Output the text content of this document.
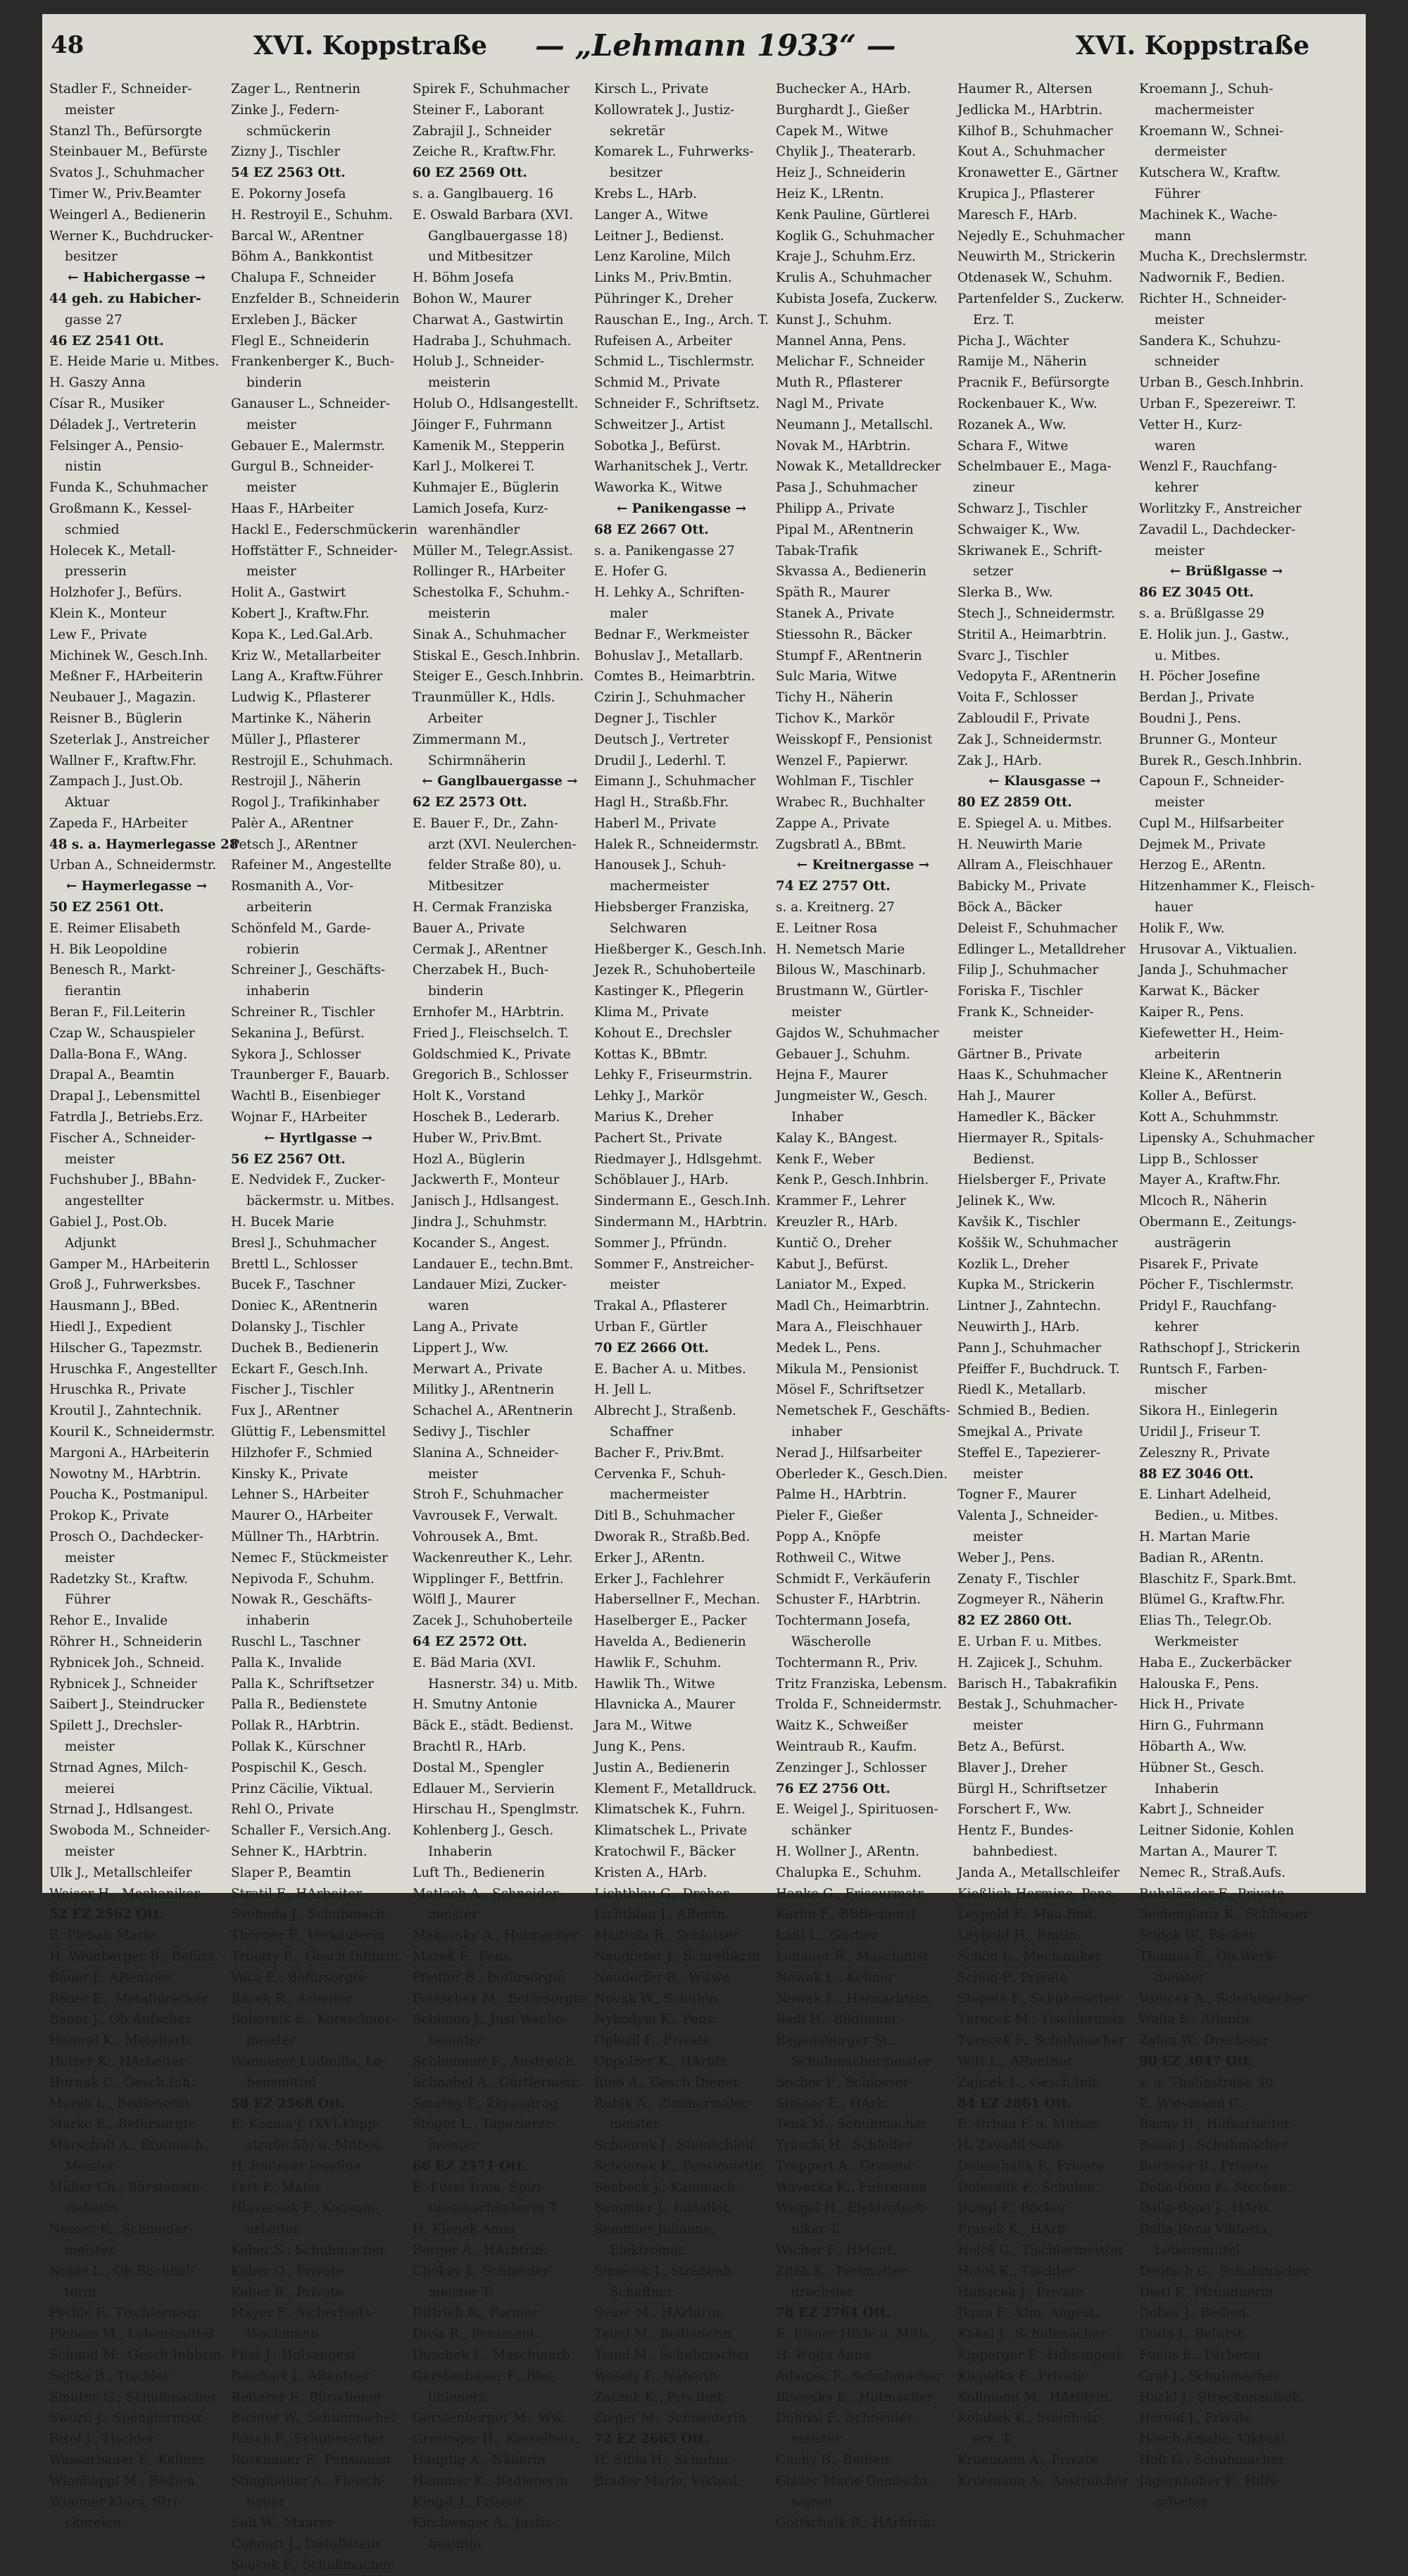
48	XVI. Koppstraße — „Lehmann 1933“ —	XVI. Koppstraße
Stadler F., Schneider-
meister
Stanzl Th., Befürsorgte
Steinbauer M., Befürste
Svatos J., Schuhmacher
Timer W., Priv.Beamter
Weingerl A., Bedienerin
Werner K., Buchdrucker-
besitzer
← Habichergasse →
44 geh. zu Habicher-
gasse 27
46 EZ 2541 Ott.
E. Heide Marie u. Mitbes.
H. Gaszy Anna
Císar R., Musiker
Déladek J., Vertreterin
Felsinger A., Pensio-
nistin
Funda K., Schuhmacher
Großmann K., Kessel-
schmied
Holecek K., Metall-
presserin
Holzhofer J., Befürs.
Klein K., Monteur
Lew F., Private
Michinek W., Gesch.Inh.
Meßner F., HArbeiterin
Neubauer J., Magazin.
Reisner B., Büglerin
Szeterlak J., Anstreicher
Wallner F., Kraftw.Fhr.
Zampach J., Just.Ob.
Aktuar
Zapeda F., HArbeiter
48 s. a. Haymerlegasse 28
Urban A., Schneidermstr.
← Haymerlegasse →
50 EZ 2561 Ott.
E. Reimer Elisabeth
H. Bik Leopoldine
Benesch R., Markt-
fierantin
Beran F., Fil.Leiterin
Czap W., Schauspieler
Dalla-Bona F., WAng.
Drapal A., Beamtin
Drapal J., Lebensmittel
Fatrdla J., Betriebs.Erz.
Fischer A., Schneider-
meister
Fuchshuber J., BBahn-
angestellter
Gabiel J., Post.Ob.
Adjunkt
Gamper M., HArbeiterin
Groß J., Fuhrwerksbes.
Hausmann J., BBed.
Hiedl J., Expedient
Hilscher G., Tapezmstr.
Hruschka F., Angestellter
Hruschka R., Private
Kroutil J., Zahntechnik.
Kouril K., Schneidermstr.
Margoni A., HArbeiterin
Nowotny M., HArbtrin.
Poucha K., Postmanipul.
Prokop K., Private
Prosch O., Dachdecker-
meister
Radetzky St., Kraftw.
Führer
Rehor E., Invalide
Röhrer H., Schneiderin
Rybnicek Joh., Schneid.
Rybnicek J., Schneider
Saibert J., Steindrucker
Spilett J., Drechsler-
meister
Strnad Agnes, Milch-
meierei
Strnad J., Hdlsangest.
Swoboda M., Schneider-
meister
Ulk J., Metallschleifer
Weiser H., Mechaniker
52 EZ 2562 Ott.
E. Pleban Marie
H. Weinberger B., Befürs.
Bäuer J., ARentner
Bäuer E., Metalldrecker
Bauer J., Ob.Aufseher
Hamral K., Metallarb.
Holzer K., HArbeiter
Hornak C., Gesch.Inh.
Marek L., Bedienerin
Marko E., Befürsorgte
Marschall A., Etuimach.
Meister
Müller Ch., Bürstenein-
zieherin
Nemec K., Schneider-
meister
Nolde L., Ob.Buchhal-
terin
Pschle F., Tischlermstr.
Plebam M., Lebensmittel
Schmid M., Gesch.Inhbrin.
Sejtka B., Tischler
Smutny G., Schuhmacher
Swozil J., Spenglermstr.
Bisel J., Tischler
Wasserbauer F., Kellner
Wienhappl M., Bedien.
Wimmer Klara, Stri-
ckereien
Zager L., Rentnerin
Zinke J., Federn-
schmückerin
Zizny J., Tischler
54 EZ 2563 Ott.
E. Pokorny Josefa
H. Restroyil E., Schuhm.
Barcal W., ARentner
Böhm A., Bankkontist
Chalupa F., Schneider
Enzfelder B., Schneiderin
Erxleben J., Bäcker
Flegl E., Schneiderin
Frankenberger K., Buch-
binderin
Ganauser L., Schneider-
meister
Gebauer E., Malermstr.
Gurgul B., Schneider-
meister
Haas F., HArbeiter
Hackl E., Federschmückerin
Hoffstätter F., Schneider-
meister
Holit A., Gastwirt
Kobert J., Kraftw.Fhr.
Kopa K., Led.Gal.Arb.
Kriz W., Metallarbeiter
Lang A., Kraftw.Führer
Ludwig K., Pflasterer
Martinke K., Näherin
Müller J., Pflasterer
Restrojil E., Schuhmach.
Restrojil J., Näherin
Rogol J., Trafikinhaber
Palèr A., ARentner
Petsch J., ARentner
Rafeiner M., Angestellte
Rosmanith A., Vor-
arbeiterin
Schönfeld M., Garde-
robierin
Schreiner J., Geschäfts-
inhaberin
Schreiner R., Tischler
Sekanina J., Befürst.
Sykora J., Schlosser
Traunberger F., Bauarb.
Wachtl B., Eisenbieger
Wojnar F., HArbeiter
← Hyrtlgasse →
56 EZ 2567 Ott.
E. Nedvidek F., Zucker-
bäckermstr. u. Mitbes.
H. Bucek Marie
Bresl J., Schuhmacher
Brettl L., Schlosser
Bucek F., Taschner
Doniec K., ARentnerin
Dolansky J., Tischler
Duchek B., Bedienerin
Eckart F., Gesch.Inh.
Fischer J., Tischler
Fux J., ARentner
Glüttig F., Lebensmittel
Hilzhofer F., Schmied
Kinsky K., Private
Lehner S., HArbeiter
Maurer O., HArbeiter
Müllner Th., HArbtrin.
Nemec F., Stückmeister
Nepivoda F., Schuhm.
Nowak R., Geschäfts-
inhaberin
Ruschl L., Taschner
Palla K., Invalide
Palla K., Schriftsetzer
Palla R., Bedienstete
Pollak R., HArbtrin.
Pollak K., Kürschner
Pospischil K., Gesch.
Prinz Cäcilie, Viktual.
Rehl O., Private
Schaller F., Versich.Ang.
Sehner K., HArbtrin.
Slaper P., Beamtin
Stratil F., HArbeiter
Svoboda J., Schuhmach.
Thörner F., Verkäuferin
Triletty E., Gesch.Inhbrin.
Vaca E., Befürsorgte
Bacek R., Arbeiter
Bohornik E., Korsschner-
meister
Wannerer Ludmilla, Le-
bensmittel
58 EZ 2568 Ott.
E. Koznia J. (XVI.Kopp-
straße 55) u. Mitbes.
H. Reiterer Josefine
Fert F., Maler
Hlavacsek F., Konsum-
arbeiter
Kober S., Schuhmacher
Kober O., Private
Kober R., Private
Mayer F., Sicherheits-
Wachmann
Pilat J., Hdlsangest.
Reichart J., ARentner
Reiterer F., Bürodiener
Richter W., Schuhmacher
Rösch F., Schuhmacher
Rosenauer F., Pensionist
Stinglbauer A., Fleisch-
hauer
Suh W., Maurer
Connert J., Installateur
Soucek F., Schuhmacher
Spirek F., Schuhmacher
Steiner F., Laborant
Zabrajil J., Schneider
Zeiche R., Kraftw.Fhr.
60 EZ 2569 Ott.
s. a. Ganglbauerg. 16
E. Oswald Barbara (XVI.
Ganglbauergasse 18)
und Mitbesitzer
H. Böhm Josefa
Bohon W., Maurer
Charwat A., Gastwirtin
Hadraba J., Schuhmach.
Holub J., Schneider-
meisterin
Holub O., Hdlsangestellt.
Jöinger F., Fuhrmann
Kamenik M., Stepperin
Karl J., Molkerei T.
Kuhmajer E., Büglerin
Lamich Josefa, Kurz-
warenhändler
Müller M., Telegr.Assist.
Rollinger R., HArbeiter
Schestolka F., Schuhm.-
meisterin
Sinak A., Schuhmacher
Stiskal E., Gesch.Inhbrin.
Steiger E., Gesch.Inhbrin.
Traunmüller K., Hdls.
Arbeiter
Zimmermann M.,
Schirmnäherin
← Ganglbauergasse →
62 EZ 2573 Ott.
E. Bauer F., Dr., Zahn-
arzt (XVI. Neulerchen-
felder Straße 80), u.
Mitbesitzer
H. Cermak Franziska
Bauer A., Private
Cermak J., ARentner
Cherzabek H., Buch-
binderin
Ernhofer M., HArbtrin.
Fried J., Fleischselch. T.
Goldschmied K., Private
Gregorich B., Schlosser
Holt K., Vorstand
Hoschek B., Lederarb.
Huber W., Priv.Bmt.
Hozl A., Büglerin
Jackwerth F., Monteur
Janisch J., Hdlsangest.
Jindra J., Schuhmstr.
Kocander S., Angest.
Landauer E., techn.Bmt.
Landauer Mizi, Zucker-
waren
Lang A., Private
Lippert J., Ww.
Merwart A., Private
Militky J., ARentnerin
Schachel A., ARentnerin
Sedivy J., Tischler
Slanina A., Schneider-
meister
Stroh F., Schuhmacher
Vavrousek F., Verwalt.
Vohrousek A., Bmt.
Wackenreuther K., Lehr.
Wipplinger F., Bettfrin.
Wölfl J., Maurer
Zacek J., Schuhoberteile
64 EZ 2572 Ott.
E. Bäd Maria (XVI.
Hasnerstr. 34) u. Mitb.
H. Smutny Antonie
Bäck E., städt. Bedienst.
Brachtl R., HArb.
Dostal M., Spengler
Edlauer M., Servierin
Hirschau H., Spenglmstr.
Kohlenberg J., Gesch.
Inhaberin
Luft Th., Bedienerin
Matlach A., Schneider-
meister
Makovsky A., Hutmacher
Marek F., Pens.
Pfeiffer B., Befürsorgte
Polaschek M., Befürsorgte
Schimon J., Just.Wache-
beamter
Schlemmer F., Anstreich.
Schnabel A., Gürtlermstr.
Smutny F., Zigaustrag.
Stöger L., Tapezierer-
meister
66 EZ 2571 Ott.
E. Fürst Irma, Spiri-
tuosenschänkerin T.
H. Klenek Anna
Berger A., HArbtrin.
Chokay J., Schneider-
meister T.
Dittrich R., Former
Divis R., Posament.
Duschek F., Maschinarb.
Gerstenbauer F., Blei-
linienerz.
Gerstenberger M., Ww.
Grosinger H., Kesselheiz.
Hauptig A., Näherin
Hammer K., Bedienerin
Kingst J., Friseur
Kirchweger A., Justiz-
beamtin
Kirsch L., Private
Kollowratek J., Justiz-
sekretär
Komarek L., Fuhrwerks-
besitzer
Krebs L., HArb.
Langer A., Witwe
Leitner J., Bedienst.
Lenz Karoline, Milch
Links M., Priv.Bmtin.
Pühringer K., Dreher
Rauschan E., Ing., Arch. T.
Rufeisen A., Arbeiter
Schmid L., Tischlermstr.
Schmid M., Private
Schneider F., Schriftsetz.
Schweitzer J., Artist
Sobotka J., Befürst.
Warhanitschek J., Vertr.
Waworka K., Witwe
← Panikengasse →
68 EZ 2667 Ott.
s. a. Panikengasse 27
E. Hofer G.
H. Lehky A., Schriften-
maler
Bednar F., Werkmeister
Bohuslav J., Metallarb.
Comtes B., Heimarbtrin.
Czirin J., Schuhmacher
Degner J., Tischler
Deutsch J., Vertreter
Drudil J., Lederhl. T.
Eimann J., Schuhmacher
Hagl H., Straßb.Fhr.
Haberl M., Private
Halek R., Schneidermstr.
Hanousek J., Schuh-
machermeister
Hiebsberger Franziska,
Selchwaren
Hießberger K., Gesch.Inh.
Jezek R., Schuhoberteile
Kastinger K., Pflegerin
Klima M., Private
Kohout E., Drechsler
Kottas K., BBmtr.
Lehky F., Friseurmstrin.
Lehky J., Markör
Marius K., Dreher
Pachert St., Private
Riedmayer J., Hdlsgehmt.
Schöblauer J., HArb.
Sindermann E., Gesch.Inh.
Sindermann M., HArbtrin.
Sommer J., Pfründn.
Sommer F., Anstreicher-
meister
Trakal A., Pflasterer
Urban F., Gürtler
70 EZ 2666 Ott.
E. Bacher A. u. Mitbes.
H. Jell L.
Albrecht J., Straßenb.
Schaffner
Bacher F., Priv.Bmt.
Cervenka F., Schuh-
machermeister
Ditl B., Schuhmacher
Dworak R., Straßb.Bed.
Erker J., ARentn.
Erker J., Fachlehrer
Habersellner F., Mechan.
Haselberger E., Packer
Havelda A., Bedienerin
Hawlik F., Schuhm.
Hawlik Th., Witwe
Hlavnicka A., Maurer
Jara M., Witwe
Jung K., Pens.
Justin A., Bedienerin
Klement F., Metalldruck.
Klimatschek K., Fuhrn.
Klimatschek L., Private
Kratochwil F., Bäcker
Kristen A., HArb.
Lichtblau G., Dreher
Lichtblau J., ARentn.
Maittula R., Schlosser
Neudörfer J., Schreibkrin
Neudörfer R., Witwe
Novak W., Schuhm.
Nykodym K., Pens.
Oplezil F., Private
Oppolzer K., HArbtr.
Rieß A., Gesch.Diener
Rubik A., Zimmermaler-
meister
Schourek J., Steinschleif.
Schourek K., Pensionistin
Seebeck J., Kammach.
Semmler J., Installat.
Semmler Julianne,
Elektromat.
Simecek J., Straßenb.
Schaffner
Svarc M., HArbtrin.
Teiml M., Bedienerin
Teiml M., Schuhmacher
Wesely F., Näherin
Zaczek K., Priv.Bmt.
Zieger M., Schneiderin
72 EZ 2665 Ott.
H. Sibla H., Schuhm.
Brader Marie, Viktual.
Buchecker A., HArb.
Burghardt J., Gießer
Capek M., Witwe
Chylik J., Theaterarb.
Heiz J., Schneiderin
Heiz K., LRentn.
Kenk Pauline, Gürtlerei
Koglik G., Schuhmacher
Kraje J., Schuhm.Erz.
Krulis A., Schuhmacher
Kubista Josefa, Zuckerw.
Kunst J., Schuhm.
Mannel Anna, Pens.
Melichar F., Schneider
Muth R., Pflasterer
Nagl M., Private
Neumann J., Metallschl.
Novak M., HArbtrin.
Nowak K., Metalldrecker
Pasa J., Schuhmacher
Philipp A., Private
Pipal M., ARentnerin
Tabak-Trafik
Skvassa A., Bedienerin
Späth R., Maurer
Stanek A., Private
Stiessohn R., Bäcker
Stumpf F., ARentnerin
Sulc Maria, Witwe
Tichy H., Näherin
Tichov K., Markör
Weisskopf F., Pensionist
Wenzel F., Papierwr.
Wohlman F., Tischler
Wrabec R., Buchhalter
Zappe A., Private
Zugsbratl A., BBmt.
← Kreitnergasse →
74 EZ 2757 Ott.
s. a. Kreitnerg. 27
E. Leitner Rosa
H. Nemetsch Marie
Bilous W., Maschinarb.
Brustmann W., Gürtler-
meister
Gajdos W., Schuhmacher
Gebauer J., Schuhm.
Hejna F., Maurer
Jungmeister W., Gesch.
Inhaber
Kalay K., BAngest.
Kenk F., Weber
Kenk P., Gesch.Inhbrin.
Krammer F., Lehrer
Kreuzler R., HArb.
Kuntič O., Dreher
Kabut J., Befürst.
Laniator M., Exped.
Madl Ch., Heimarbtrin.
Mara A., Fleischhauer
Medek L., Pens.
Mikula M., Pensionist
Mösel F., Schriftsetzer
Nemetschek F., Geschäfts-
inhaber
Nerad J., Hilfsarbeiter
Oberleder K., Gesch.Dien.
Palme H., HArbtrin.
Pieler F., Gießer
Popp A., Knöpfe
Rothweil C., Witwe
Schmidt F., Verkäuferin
Schuster F., HArbtrin.
Tochtermann Josefa,
Wäscherolle
Tochtermann R., Priv.
Tritz Franziska, Lebensm.
Trolda F., Schneidermstr.
Waitz K., Schweißer
Weintraub R., Kaufm.
Zenzinger J., Schlosser
76 EZ 2756 Ott.
E. Weigel J., Spirituosen-
schänker
H. Wollner J., ARentn.
Chalupka E., Schuhm.
Hanke G., Friseurmstr.
Karlin F., BBBedienst
Laßl L., Gürtler
Lonauer R., Maschinist
Nowak L., Kellner
Nowak L., Heimarbtrin.
Redl H., Bildhauer
Regensburger St.,
Schuhmachermeister
Sochor F., Schlosser
Steiner E., HArb.
Tenk M., Schuhmacher
Traschl H., Schleifer
Troppert A., Graveur
Waverka K., Fuhrmann
Weigel H., Elektrotech-
niker T.
Wicher F., HMont.
Zitek K., Perlmutter-
drechsler
78 EZ 2764 Ott.
E. Eisner Hilde u. Mitb.
H. Wojta Anna
Adamec F., Schuhmacher
Bisovsky E., Hutmacher
Dohnal F., Schneider-
meister
Cuchy B., Bedien.
Glaser Marie Gemischt-
waren
Gottschalk R., HArbtrin.
Haumer R., Altersen
Jedlicka M., HArbtrin.
Kilhof B., Schuhmacher
Kout A., Schuhmacher
Kronawetter E., Gärtner
Krupica J., Pflasterer
Maresch F., HArb.
Nejedly E., Schuhmacher
Neuwirth M., Strickerin
Otdenasek W., Schuhm.
Partenfelder S., Zuckerw.
Erz. T.
Picha J., Wächter
Ramije M., Näherin
Pracnik F., Befürsorgte
Rockenbauer K., Ww.
Rozanek A., Ww.
Schara F., Witwe
Schelmbauer E., Maga-
zineur
Schwarz J., Tischler
Schwaiger K., Ww.
Skriwanek E., Schrift-
setzer
Slerka B., Ww.
Stech J., Schneidermstr.
Stritil A., Heimarbtrin.
Svarc J., Tischler
Vedopyta F., ARentnerin
Voita F., Schlosser
Zabloudil F., Private
Zak J., Schneidermstr.
Zak J., HArb.
← Klausgasse →
80 EZ 2859 Ott.
E. Spiegel A. u. Mitbes.
H. Neuwirth Marie
Allram A., Fleischhauer
Babicky M., Private
Böck A., Bäcker
Deleist F., Schuhmacher
Edlinger L., Metalldreher
Filip J., Schuhmacher
Foriska F., Tischler
Frank K., Schneider-
meister
Gärtner B., Private
Haas K., Schuhmacher
Hah J., Maurer
Hamedler K., Bäcker
Hiermayer R., Spitals-
Bedienst.
Hielsberger F., Private
Jelinek K., Ww.
Kavšik K., Tischler
Koššik W., Schuhmacher
Kozlik L., Dreher
Kupka M., Strickerin
Lintner J., Zahntechn.
Neuwirth J., HArb.
Pann J., Schuhmacher
Pfeiffer F., Buchdruck. T.
Riedl K., Metallarb.
Schmied B., Bedien.
Smejkal A., Private
Steffel E., Tapezierer-
meister
Togner F., Maurer
Valenta J., Schneider-
meister
Weber J., Pens.
Zenaty F., Tischler
Zogmeyer R., Näherin
82 EZ 2860 Ott.
E. Urban F. u. Mitbes.
H. Zajicek J., Schuhm.
Barisch H., Tabakrafikin
Bestak J., Schuhmacher-
meister
Betz A., Befürst.
Blaver J., Dreher
Bürgl H., Schriftsetzer
Forschert F., Ww.
Hentz F., Bundes-
bahnbediest.
Janda A., Metallschleifer
Kießlich Hermine, Pens.
Leypold F., Man.Bmt.
Leypold H., Bmtin.
Schön L., Mechaniker
Schön P., Private
Stepela F., Schuhmacher
Turecek M., Tischlermstr.
Turecek F., Schuhmacher
Witt L., ARentner
Zajicek L., Gesch.Inh.
84 EZ 2861 Ott.
E. Urban F. u. Mitbes.
H. Zavadil Sofie
Doleschalik F., Private
Dolezalik F., Schuhm.
Dungl F., Bäcker
Franek K., HArb.
Hološ G., Tischlermeister
Hološ K., Tischler
Hubacek J., Private
Jkran F., kfm. Angest.
Kakal J., Schuhmacher
Kipperger F., Hdlsangest.
Kiepelka F., Private
Kollmann M., HArbtrin.
Kolubek K., Steinholz-
erz. T.
Kroemann A., Private
Kroemann A., Anstreicher
Kroemann J., Schuh-
machermeister
Kroemann W., Schnei-
dermeister
Kutschera W., Kraftw.
Führer
Machinek K., Wache-
mann
Mucha K., Drechslermstr.
Nadwornik F., Bedien.
Richter H., Schneider-
meister
Sandera K., Schuhzu-
schneider
Urban B., Gesch.Inhbrin.
Urban F., Spezereiwr. T.
Vetter H., Kurz-
waren
Wenzl F., Rauchfang-
kehrer
Worlitzky F., Anstreicher
Zavadil L., Dachdecker-
meister
← Brüßlgasse →
86 EZ 3045 Ott.
s. a. Brüßlgasse 29
E. Holik jun. J., Gastw.,
u. Mitbes.
H. Pöcher Josefine
Berdan J., Private
Boudni J., Pens.
Brunner G., Monteur
Burek R., Gesch.Inhbrin.
Capoun F., Schneider-
meister
Cupl M., Hilfsarbeiter
Dejmek M., Private
Herzog E., ARentn.
Hitzenhammer K., Fleisch-
hauer
Holik F., Ww.
Hrusovar A., Viktualien.
Janda J., Schuhmacher
Karwat K., Bäcker
Kaiper R., Pens.
Kiefewetter H., Heim-
arbeiterin
Kleine K., ARentnerin
Koller A., Befürst.
Kott A., Schuhmmstr.
Lipensky A., Schuhmacher
Lipp B., Schlosser
Mayer A., Kraftw.Fhr.
Mlcoch R., Näherin
Obermann E., Zeitungs-
austrägerin
Pisarek F., Private
Pöcher F., Tischlermstr.
Pridyl F., Rauchfang-
kehrer
Rathschopf J., Strickerin
Runtsch F., Farben-
mischer
Sikora H., Einlegerin
Uridil J., Friseur T.
Zeleszny R., Private
88 EZ 3046 Ott.
E. Linhart Adelheid,
Bedien., u. Mitbes.
H. Martan Marie
Badian R., ARentn.
Blaschitz F., Spark.Bmt.
Blümel G., Kraftw.Fhr.
Elias Th., Telegr.Ob.
Werkmeister
Haba E., Zuckerbäcker
Halouska F., Pens.
Hick H., Private
Hirn G., Fuhrmann
Höbarth A., Ww.
Hübner St., Gesch.
Inhaberin
Kabrt J., Schneider
Leitner Sidonie, Kohlen
Martan A., Maurer T.
Nemec R., Straß.Aufs.
Ruhrländer F., Private
Seidenglanz K., Schlosser
Stidek W., Bäcker
Thomas E., Ob.Werk-
meister
Vanicek A., Schuhmacher
Walla E., ARentn.
Zahm W., Drechsler
90 EZ 3047 Ott.
s. a. Thaliastraße 30
E. Wiesmann G.
Basny H., Hilfsarbeiter
Bokal J., Schuhmacher
Buchner B., Private
Dalla-Bona F., Mechan.
Dalla-Bona J., HArb.
Dalla-Bona Viktoria,
Lebensmittel
Deutsch G., Schuhmacher
Dietl F., Pfründnerin
Dobes J., Bedien.
Duda J., Befürst.
Fuchs E., Färberei
Graf J., Schuhmacher
Hackl J., Streckenaufseh.
Herold J., Private
Hösch Amalie, Viktual.
Holt G., Schuhmacher
Jägernhuber F., Hilfs-
arbeiter
